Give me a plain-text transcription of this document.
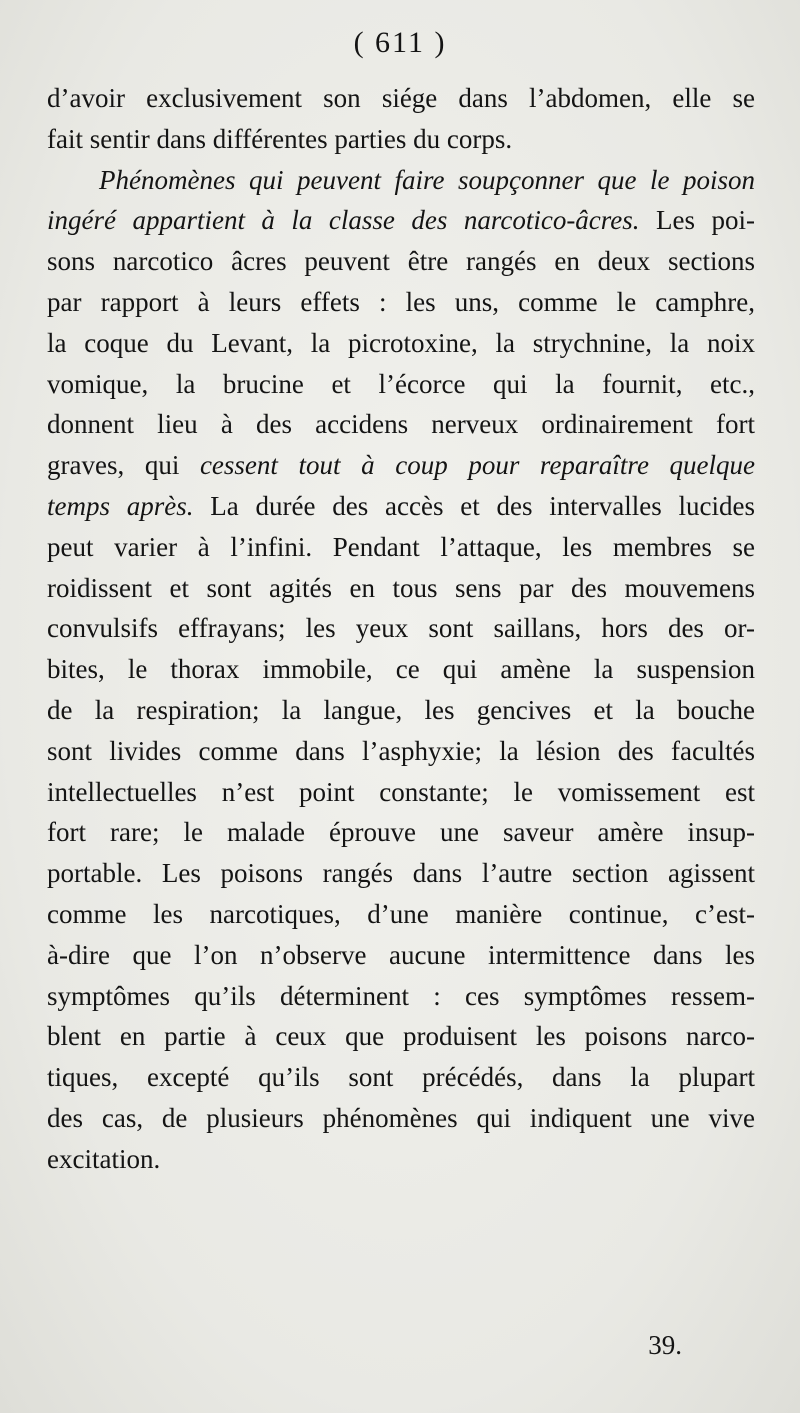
( 611 )
d’avoir exclusivement son siége dans l’abdomen, elle se
fait sentir dans différentes parties du corps.
Phénomènes qui peuvent faire soupçonner que le poison
ingéré appartient à la classe des narcotico-âcres. Les poi-
sons narcotico âcres peuvent être rangés en deux sections
par rapport à leurs effets : les uns, comme le camphre,
la coque du Levant, la picrotoxine, la strychnine, la noix
vomique, la brucine et l’écorce qui la fournit, etc.,
donnent lieu à des accidens nerveux ordinairement fort
graves, qui cessent tout à coup pour reparaître quelque
temps après. La durée des accès et des intervalles lucides
peut varier à l’infini. Pendant l’attaque, les membres se
roidissent et sont agités en tous sens par des mouvemens
convulsifs effrayans; les yeux sont saillans, hors des or-
bites, le thorax immobile, ce qui amène la suspension
de la respiration; la langue, les gencives et la bouche
sont livides comme dans l’asphyxie; la lésion des facultés
intellectuelles n’est point constante; le vomissement est
fort rare; le malade éprouve une saveur amère insup-
portable. Les poisons rangés dans l’autre section agissent
comme les narcotiques, d’une manière continue, c’est-
à-dire que l’on n’observe aucune intermittence dans les
symptômes qu’ils déterminent : ces symptômes ressem-
blent en partie à ceux que produisent les poisons narco-
tiques, excepté qu’ils sont précédés, dans la plupart
des cas, de plusieurs phénomènes qui indiquent une vive
excitation.
39.
